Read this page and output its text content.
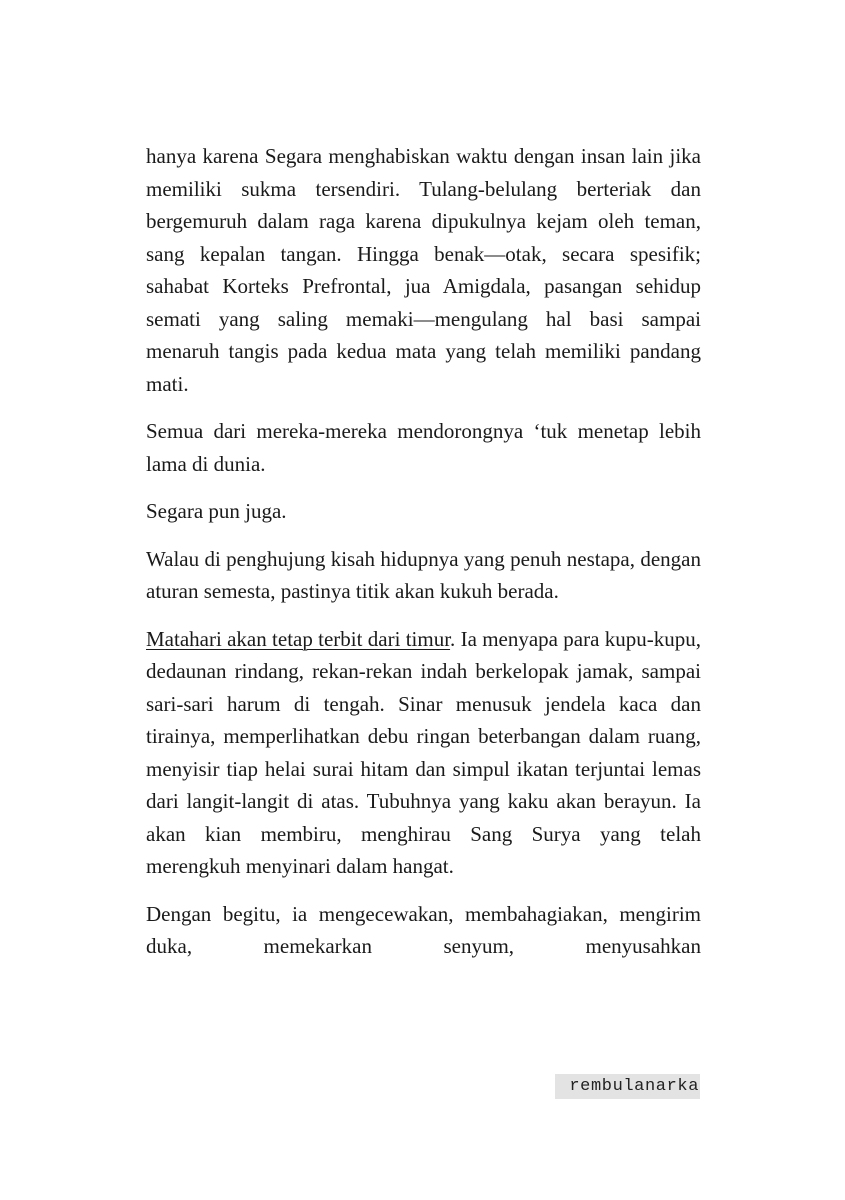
hanya karena Segara menghabiskan waktu dengan insan lain jika memiliki sukma tersendiri. Tulang-belulang berteriak dan bergemuruh dalam raga karena dipukulnya kejam oleh teman, sang kepalan tangan. Hingga benak—otak, secara spesifik; sahabat Korteks Prefrontal, jua Amigdala, pasangan sehidup semati yang saling memaki—mengulang hal basi sampai menaruh tangis pada kedua mata yang telah memiliki pandang mati.

Semua dari mereka-mereka mendorongnya ‘tuk menetap lebih lama di dunia.

Segara pun juga.

Walau di penghujung kisah hidupnya yang penuh nestapa, dengan aturan semesta, pastinya titik akan kukuh berada.

Matahari akan tetap terbit dari timur. Ia menyapa para kupu-kupu, dedaunan rindang, rekan-rekan indah berkelopak jamak, sampai sari-sari harum di tengah. Sinar menusuk jendela kaca dan tirainya, memperlihatkan debu ringan beterbangan dalam ruang, menyisir tiap helai surai hitam dan simpul ikatan terjuntai lemas dari langit-langit di atas. Tubuhnya yang kaku akan berayun. Ia akan kian membiru, menghirau Sang Surya yang telah merengkuh menyinari dalam hangat.

Dengan begitu, ia mengecewakan, membahagiakan, mengirim duka, memekarkan senyum, menyusahkan

rembulanarka
